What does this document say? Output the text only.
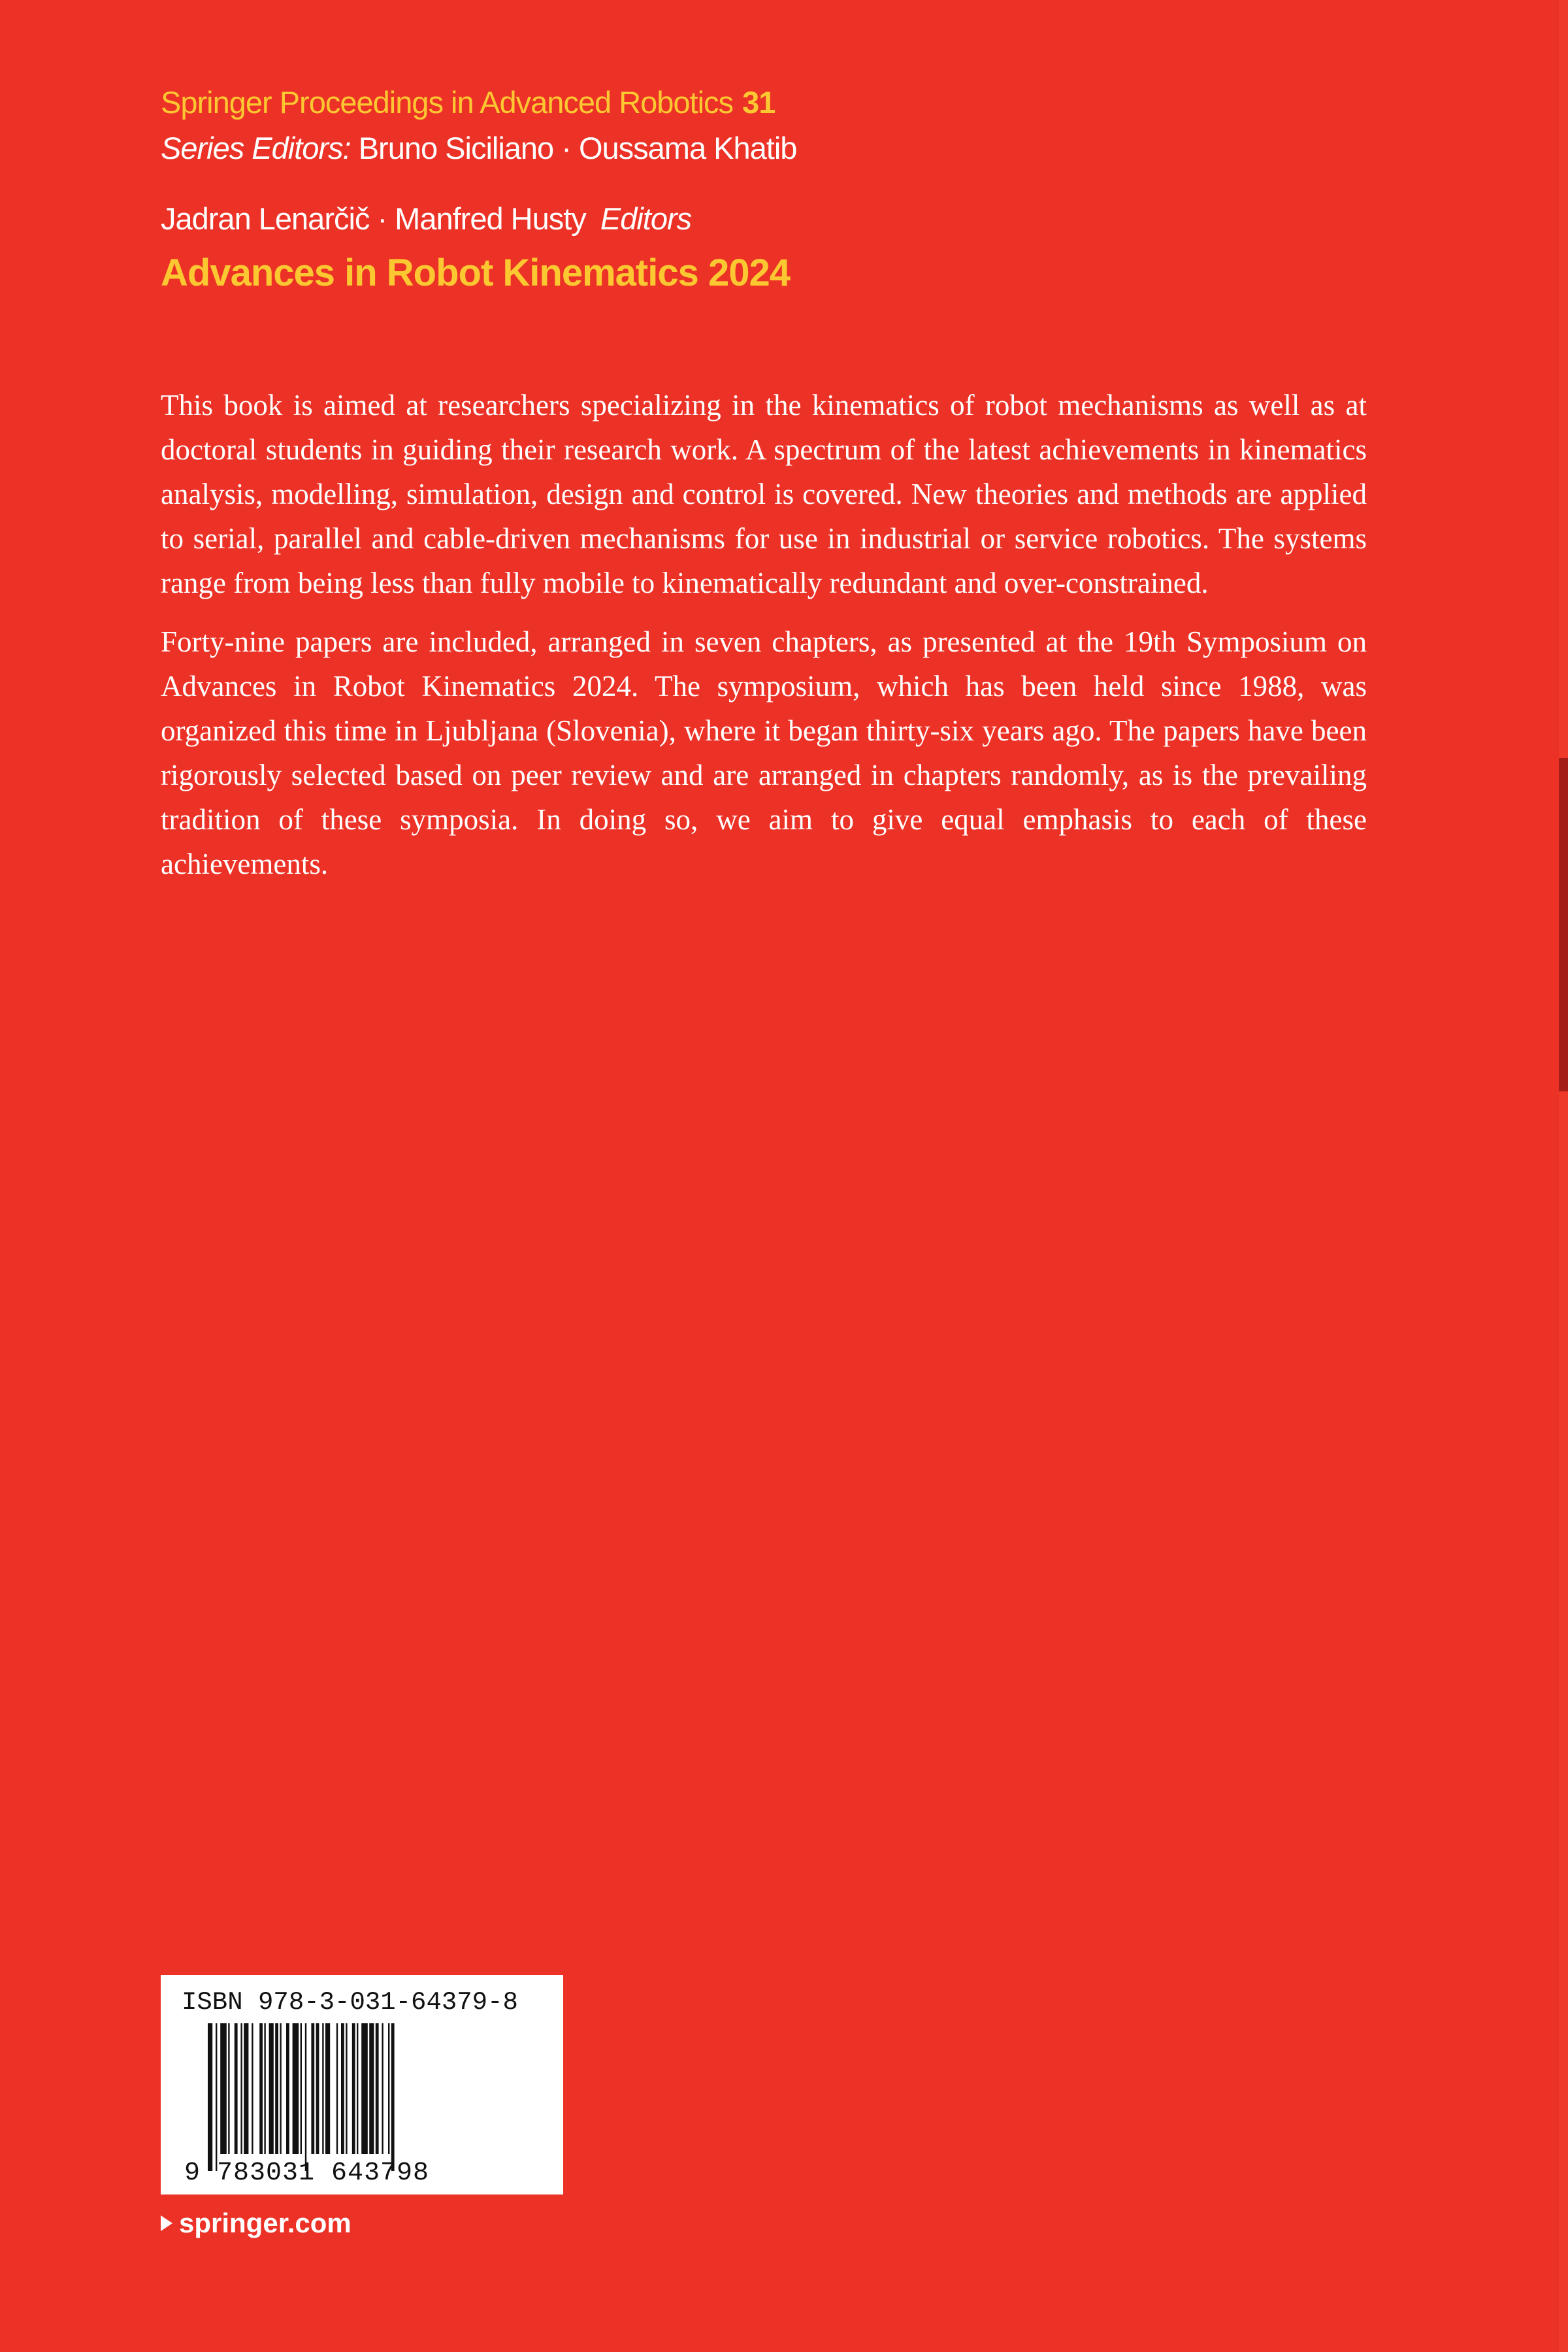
Springer Proceedings in Advanced Robotics 31
Series Editors: Bruno Siciliano · Oussama Khatib
Jadran Lenarčič · Manfred Husty Editors
Advances in Robot Kinematics 2024

This book is aimed at researchers specializing in the kinematics of robot mechanisms as well as at doctoral students in guiding their research work. A spectrum of the latest achievements in kinematics analysis, modelling, simulation, design and control is covered. New theories and methods are applied to serial, parallel and cable-driven mechanisms for use in industrial or service robotics. The systems range from being less than fully mobile to kinematically redundant and over-constrained.

Forty-nine papers are included, arranged in seven chapters, as presented at the 19th Symposium on Advances in Robot Kinematics 2024. The symposium, which has been held since 1988, was organized this time in Ljubljana (Slovenia), where it began thirty-six years ago. The papers have been rigorously selected based on peer review and are arranged in chapters randomly, as is the prevailing tradition of these symposia. In doing so, we aim to give equal emphasis to each of these achievements.

ISBN 978-3-031-64379-8
9 783031 643798
springer.com
